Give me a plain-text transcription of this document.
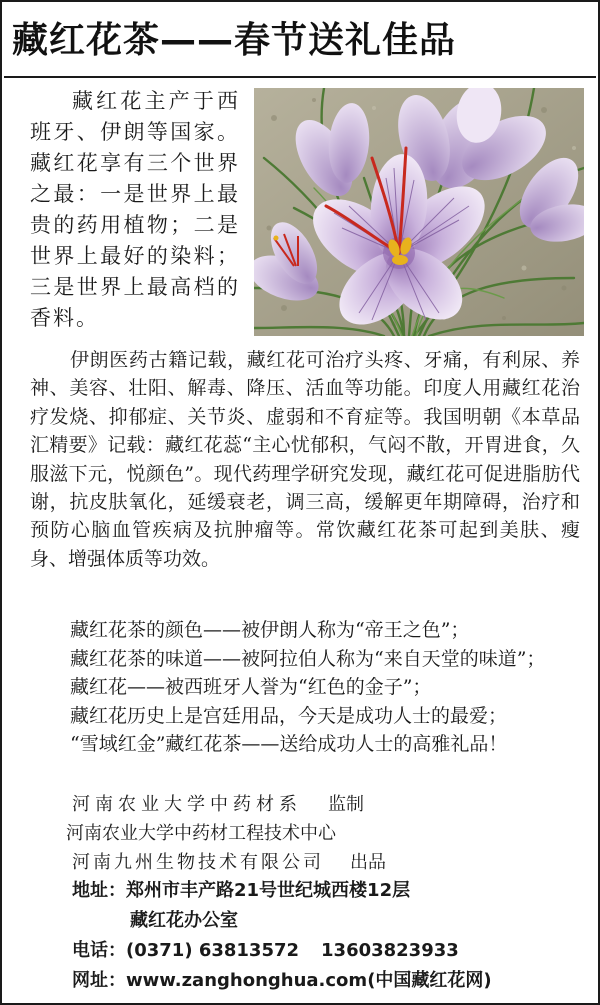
藏红花茶——春节送礼佳品

藏红花主产于西班牙、伊朗等国家。藏红花享有三个世界之最：一是世界上最贵的药用植物；二是世界上最好的染料；三是世界上最高档的香料。

伊朗医药古籍记载，藏红花可治疗头疼、牙痛，有利尿、养神、美容、壮阳、解毒、降压、活血等功能。印度人用藏红花治疗发烧、抑郁症、关节炎、虚弱和不育症等。我国明朝《本草品汇精要》记载：藏红花蕊“主心忧郁积，气闷不散，开胃进食，久服滋下元，悦颜色”。现代药理学研究发现，藏红花可促进脂肪代谢，抗皮肤氧化，延缓衰老，调三高，缓解更年期障碍，治疗和预防心脑血管疾病及抗肿瘤等。常饮藏红花茶可起到美肤、瘦身、增强体质等功效。

藏红花茶的颜色——被伊朗人称为“帝王之色”；

藏红花茶的味道——被阿拉伯人称为“来自天堂的味道”；

藏红花——被西班牙人誉为“红色的金子”；

藏红花历史上是宫廷用品，今天是成功人士的最爱；

“雪域红金”藏红花茶——送给成功人士的高雅礼品！

河南农业大学中药材系 监制

河南农业大学中药材工程技术中心

河南九州生物技术有限公司 出品

地址：郑州市丰产路21号世纪城西楼12层

藏红花办公室

电话：(0371) 63813572 13603823933

网址：www.zanghonghua.com(中国藏红花网)
